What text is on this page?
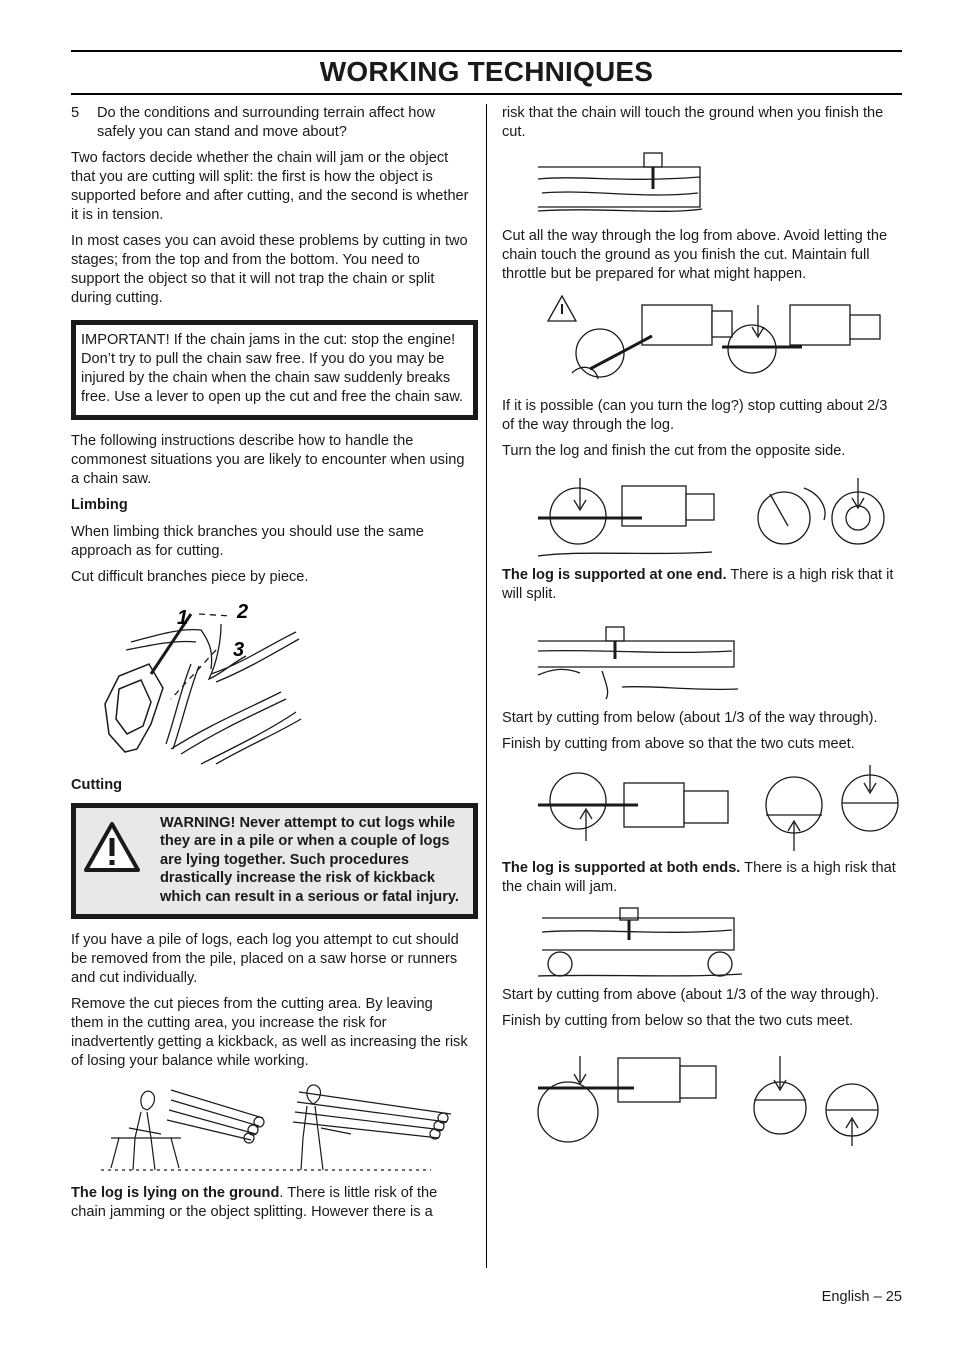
WORKING TECHNIQUES

5	Do the conditions and surrounding terrain affect how safely you can stand and move about?

Two factors decide whether the chain will jam or the object that you are cutting will split: the first is how the object is supported before and after cutting, and the second is whether it is in tension.

In most cases you can avoid these problems by cutting in two stages; from the top and from the bottom. You need to support the object so that it will not trap the chain or split during cutting.

IMPORTANT! If the chain jams in the cut: stop the engine! Don’t try to pull the chain saw free. If you do you may be injured by the chain when the chain saw suddenly breaks free. Use a lever to open up the cut and free the chain saw.

The following instructions describe how to handle the commonest situations you are likely to encounter when using a chain saw.

Limbing

When limbing thick branches you should use the same approach as for cutting.

Cut difficult branches piece by piece.

1 2
3
Cutting
WARNING! Never attempt to cut logs while they are in a pile or when a couple of logs are lying together. Such procedures drastically increase the risk of kickback which can result in a serious or fatal injury.

If you have a pile of logs, each log you attempt to cut should be removed from the pile, placed on a saw horse or runners and cut individually.

Remove the cut pieces from the cutting area. By leaving them in the cutting area, you increase the risk for inadvertently getting a kickback, as well as increasing the risk of losing your balance while working.

The log is lying on the ground. There is little risk of the chain jamming or the object splitting. However there is a

risk that the chain will touch the ground when you finish the cut.

Cut all the way through the log from above. Avoid letting the chain touch the ground as you finish the cut. Maintain full throttle but be prepared for what might happen.

If it is possible (can you turn the log?) stop cutting about 2/3 of the way through the log.

Turn the log and finish the cut from the opposite side.

The log is supported at one end. There is a high risk that it will split.

Start by cutting from below (about 1/3 of the way through).

Finish by cutting from above so that the two cuts meet.

The log is supported at both ends. There is a high risk that the chain will jam.

Start by cutting from above (about 1/3 of the way through).

Finish by cutting from below so that the two cuts meet.

English – 25
